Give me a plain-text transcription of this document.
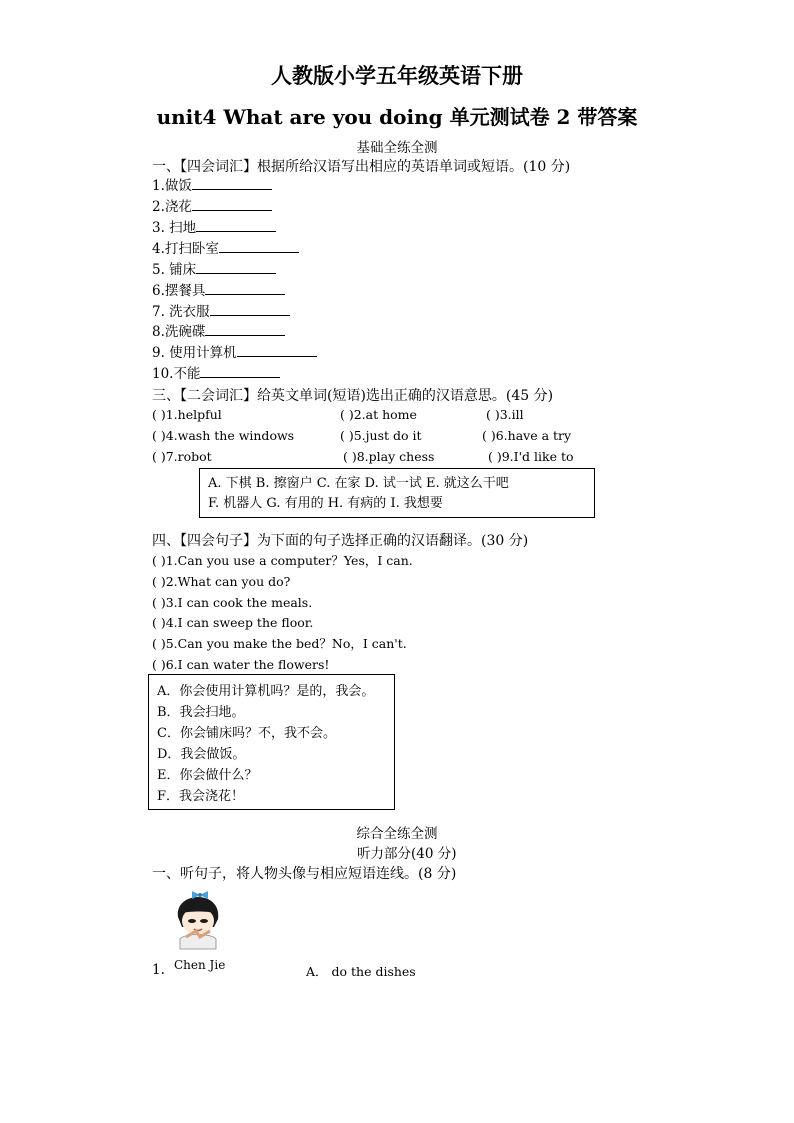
人教版小学五年级英语下册
unit4 What are you doing 单元测试卷 2 带答案
基础全练全测
一、【四会词汇】根据所给汉语写出相应的英语单词或短语。(10 分)
1.做饭
2.浇花
3. 扫地
4.打扫卧室
5. 铺床
6.摆餐具
7. 洗衣服
8.洗碗碟
9. 使用计算机
10.不能
三、【二会词汇】给英文单词(短语)选出正确的汉语意思。(45 分)
( )1.helpful	( )2.at home	( )3.ill
( )4.wash the windows	( )5.just do it	( )6.have a try
( )7.robot	( )8.play chess	( )9.I'd like to
A. 下棋 B. 擦窗户 C. 在家 D. 试一试 E. 就这么干吧
F. 机器人 G. 有用的 H. 有病的 I. 我想要
四、【四会句子】为下面的句子选择正确的汉语翻译。(30 分)
( )1.Can you use a computer？Yes，I can.
( )2.What can you do?
( )3.I can cook the meals.
( )4.I can sweep the floor.
( )5.Can you make the bed？No，I can't.
( )6.I can water the flowers!
A．你会使用计算机吗？是的，我会。
B．我会扫地。
C．你会铺床吗？不，我不会。
D．我会做饭。
E．你会做什么？
F．我会浇花！
综合全练全测
听力部分(40 分)
一、听句子，将人物头像与相应短语连线。(8 分)
Chen Jie
1.	A． do the dishes
